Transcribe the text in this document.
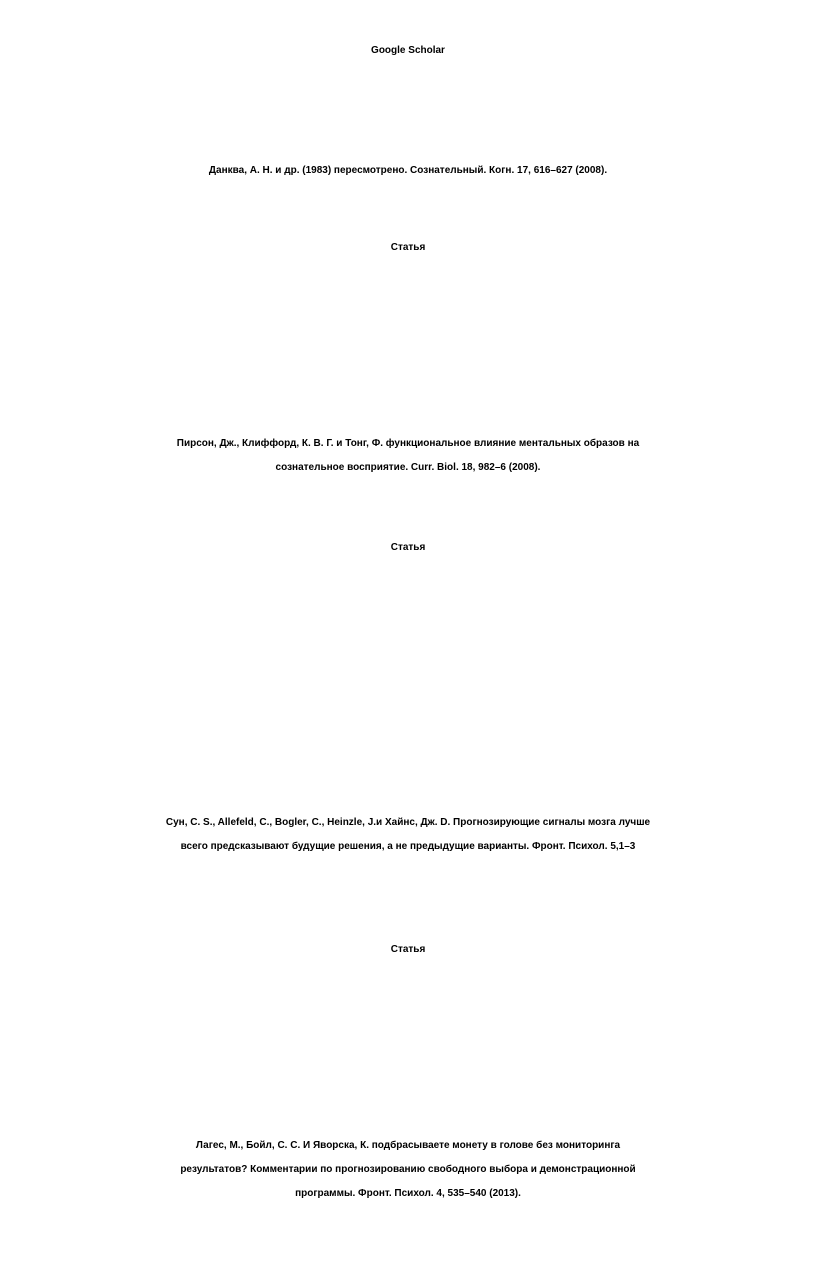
Google Scholar
Данква, А. Н. и др. (1983) пересмотрено. Сознательный. Когн. 17, 616–627 (2008).
Статья
Пирсон, Дж., Клиффорд, К. В. Г. и Тонг, Ф. функциональное влияние ментальных образов на
сознательное восприятие. Curr. Biol. 18, 982–6 (2008).
Статья
Сун, С. S., Allefeld, С., Bogler, С., Heinzle, J.и Хайнс, Дж. D. Прогнозирующие сигналы мозга лучше
всего предсказывают будущие решения, а не предыдущие варианты. Фронт. Психол. 5,1–3
Статья
Лагес, М., Бойл, С. С. И Яворска, К. подбрасываете монету в голове без мониторинга
результатов? Комментарии по прогнозированию свободного выбора и демонстрационной
программы. Фронт. Психол. 4, 535–540 (2013).
